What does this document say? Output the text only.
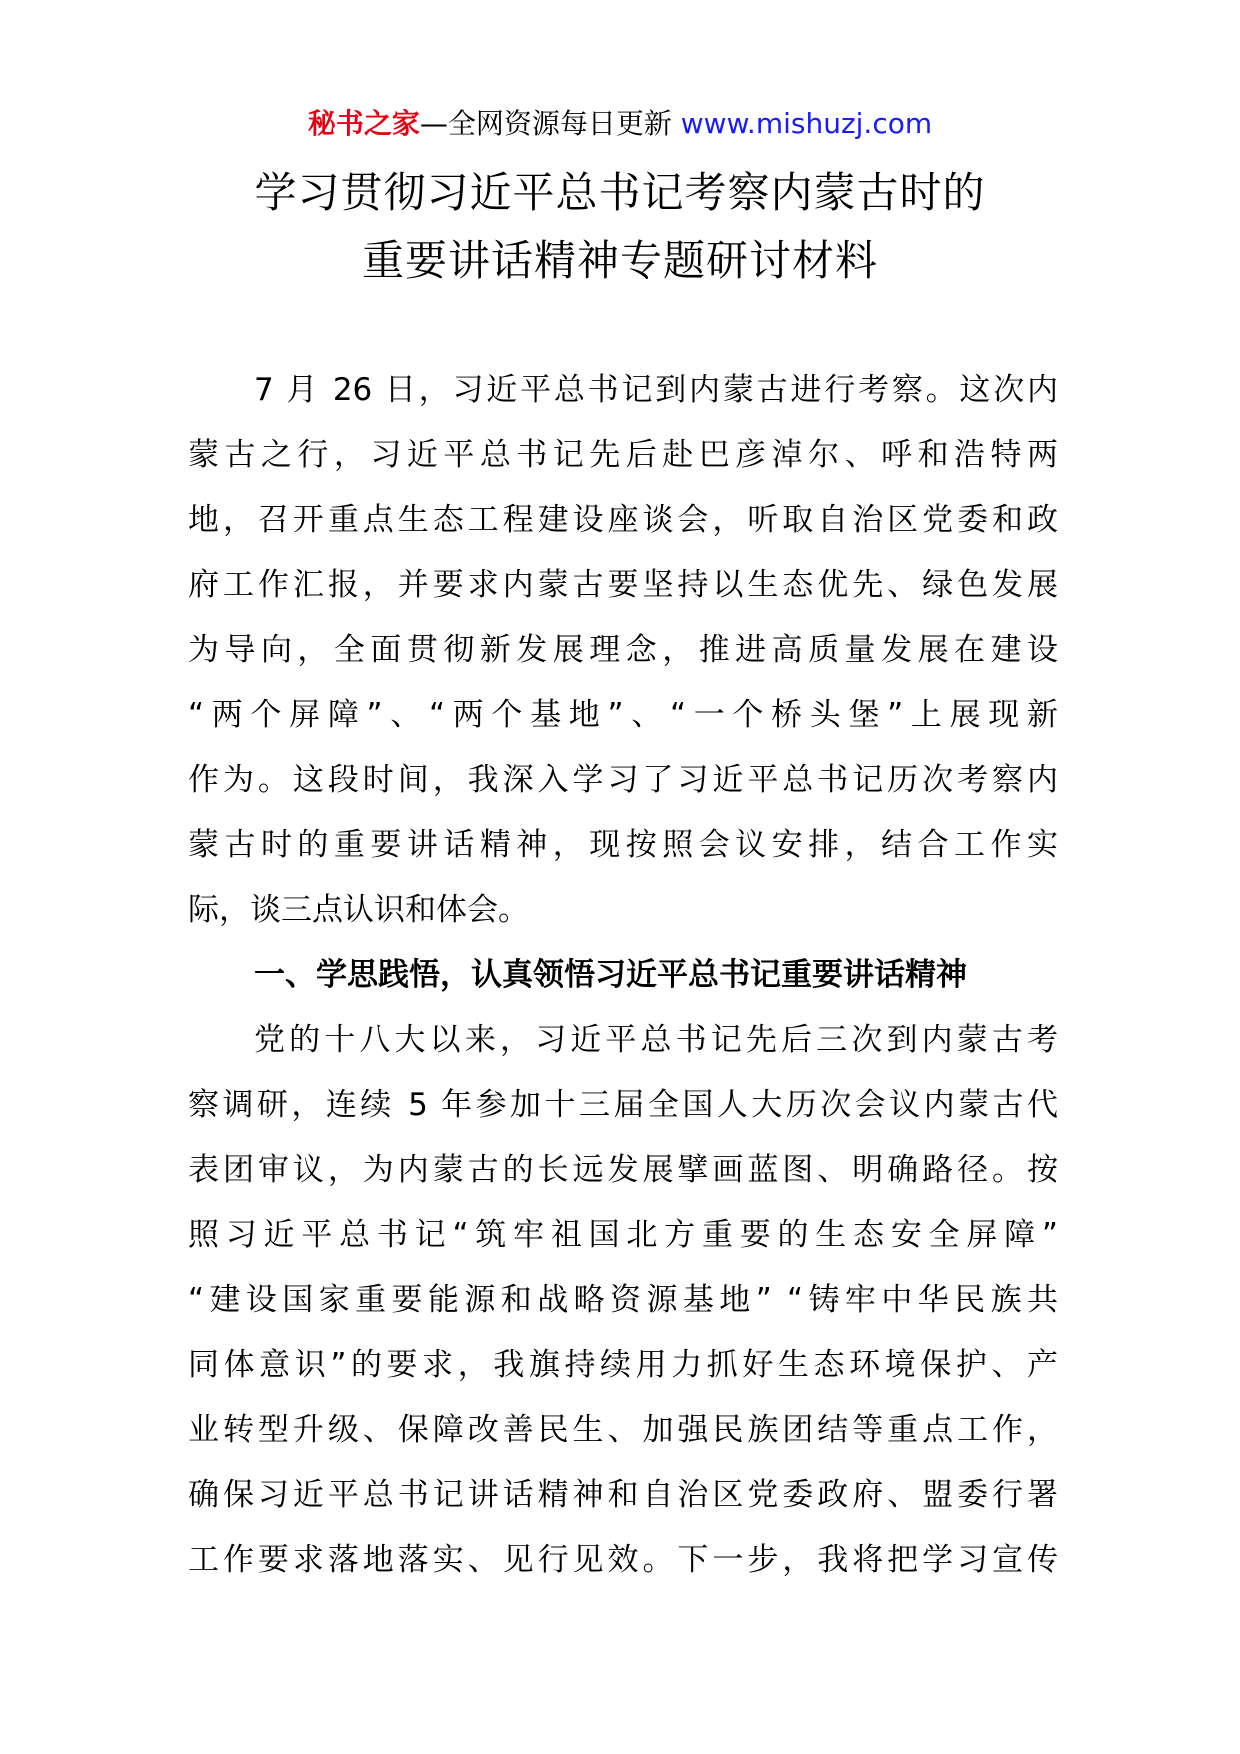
秘书之家—全网资源每日更新 www.mishuzj.com
学习贯彻习近平总书记考察内蒙古时的
重要讲话精神专题研讨材料
7 月 26 日，习近平总书记到内蒙古进行考察。这次内
蒙古之行，习近平总书记先后赴巴彦淖尔、呼和浩特两
地，召开重点生态工程建设座谈会，听取自治区党委和政
府工作汇报，并要求内蒙古要坚持以生态优先、绿色发展
为导向，全面贯彻新发展理念，推进高质量发展在建设
“两个屏障”、“两个基地”、“一个桥头堡”上展现新
作为。这段时间，我深入学习了习近平总书记历次考察内
蒙古时的重要讲话精神，现按照会议安排，结合工作实
际，谈三点认识和体会。
一、学思践悟，认真领悟习近平总书记重要讲话精神
党的十八大以来，习近平总书记先后三次到内蒙古考
察调研，连续 5 年参加十三届全国人大历次会议内蒙古代
表团审议，为内蒙古的长远发展擘画蓝图、明确路径。按
照习近平总书记“筑牢祖国北方重要的生态安全屏障”
“建设国家重要能源和战略资源基地” “铸牢中华民族共
同体意识”的要求，我旗持续用力抓好生态环境保护、产
业转型升级、保障改善民生、加强民族团结等重点工作，
确保习近平总书记讲话精神和自治区党委政府、盟委行署
工作要求落地落实、见行见效。下一步，我将把学习宣传
